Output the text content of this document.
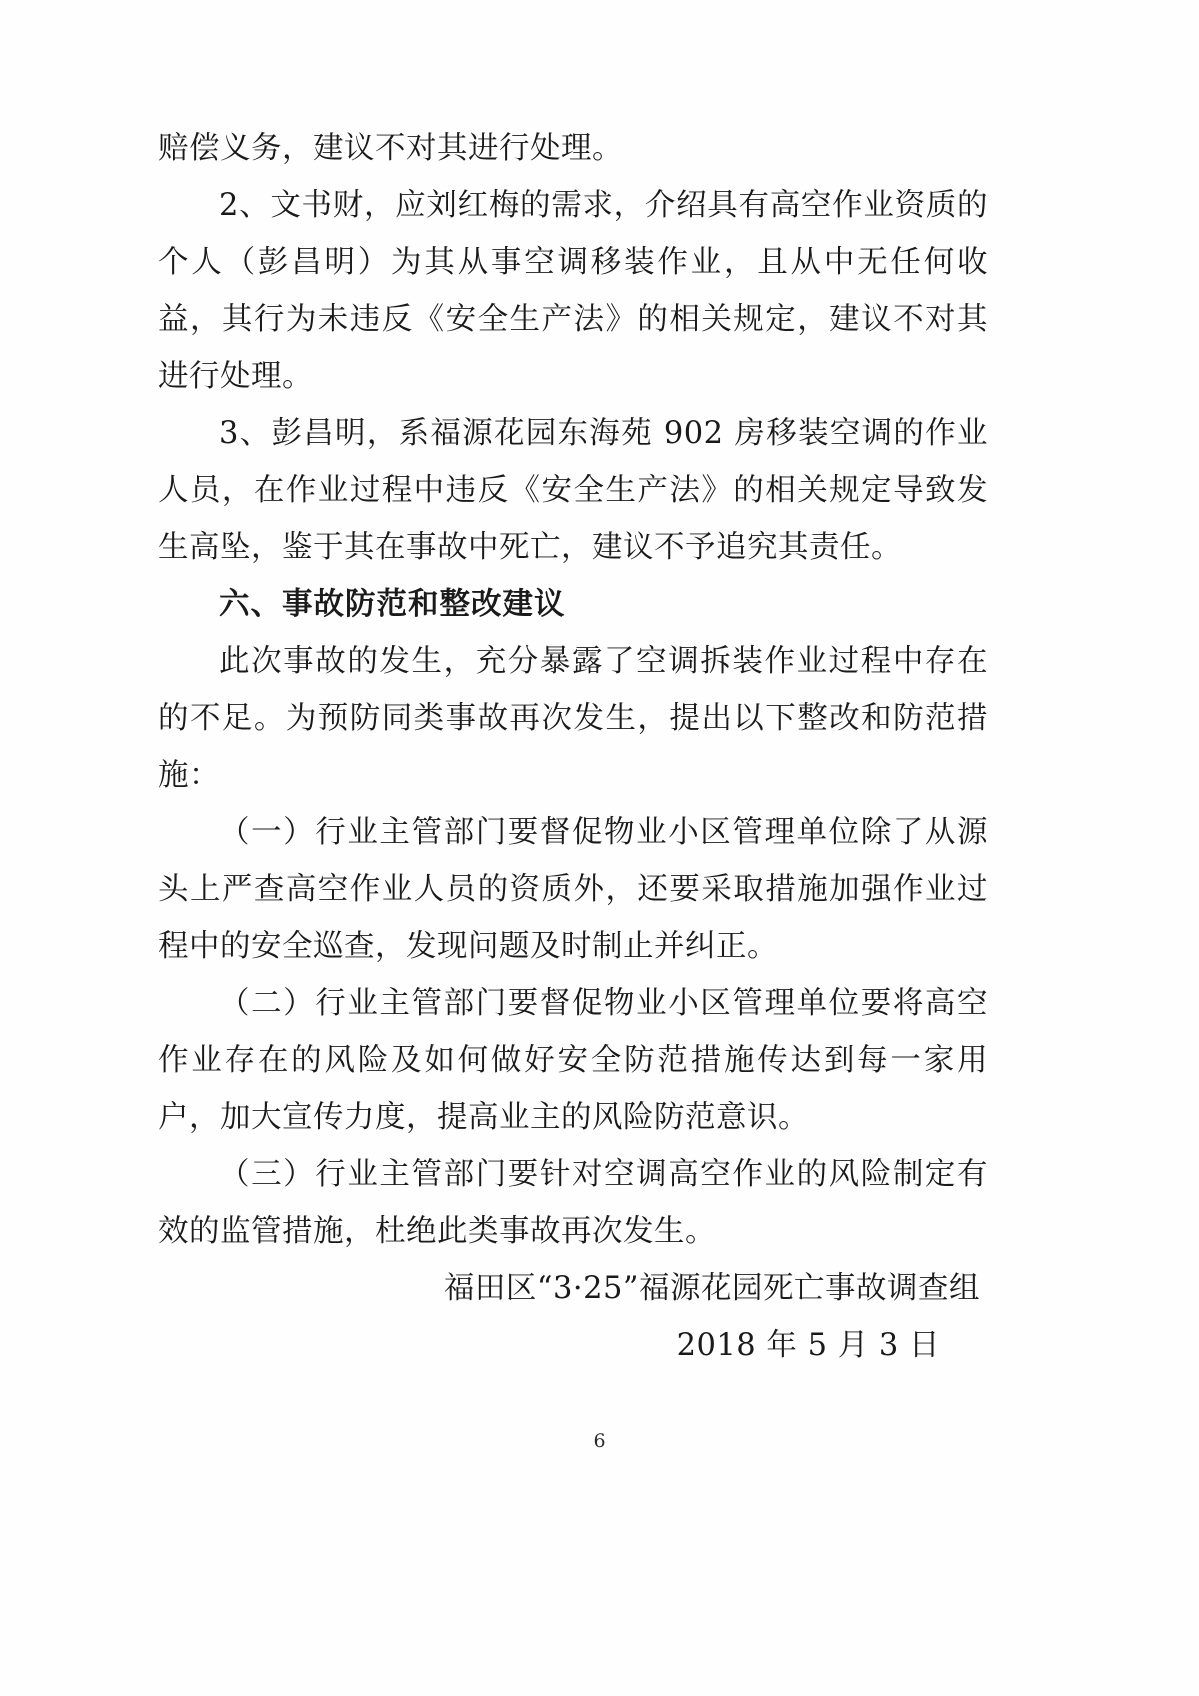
赔偿义务，建议不对其进行处理。

2、文书财，应刘红梅的需求，介绍具有高空作业资质的个人（彭昌明）为其从事空调移装作业，且从中无任何收益，其行为未违反《安全生产法》的相关规定，建议不对其进行处理。

3、彭昌明，系福源花园东海苑 902 房移装空调的作业人员，在作业过程中违反《安全生产法》的相关规定导致发生高坠，鉴于其在事故中死亡，建议不予追究其责任。

六、事故防范和整改建议

此次事故的发生，充分暴露了空调拆装作业过程中存在的不足。为预防同类事故再次发生，提出以下整改和防范措施：

（一）行业主管部门要督促物业小区管理单位除了从源头上严查高空作业人员的资质外，还要采取措施加强作业过程中的安全巡查，发现问题及时制止并纠正。

（二）行业主管部门要督促物业小区管理单位要将高空作业存在的风险及如何做好安全防范措施传达到每一家用户，加大宣传力度，提高业主的风险防范意识。

（三）行业主管部门要针对空调高空作业的风险制定有效的监管措施，杜绝此类事故再次发生。

福田区“3·25”福源花园死亡事故调查组

2018 年 5 月 3 日

6
